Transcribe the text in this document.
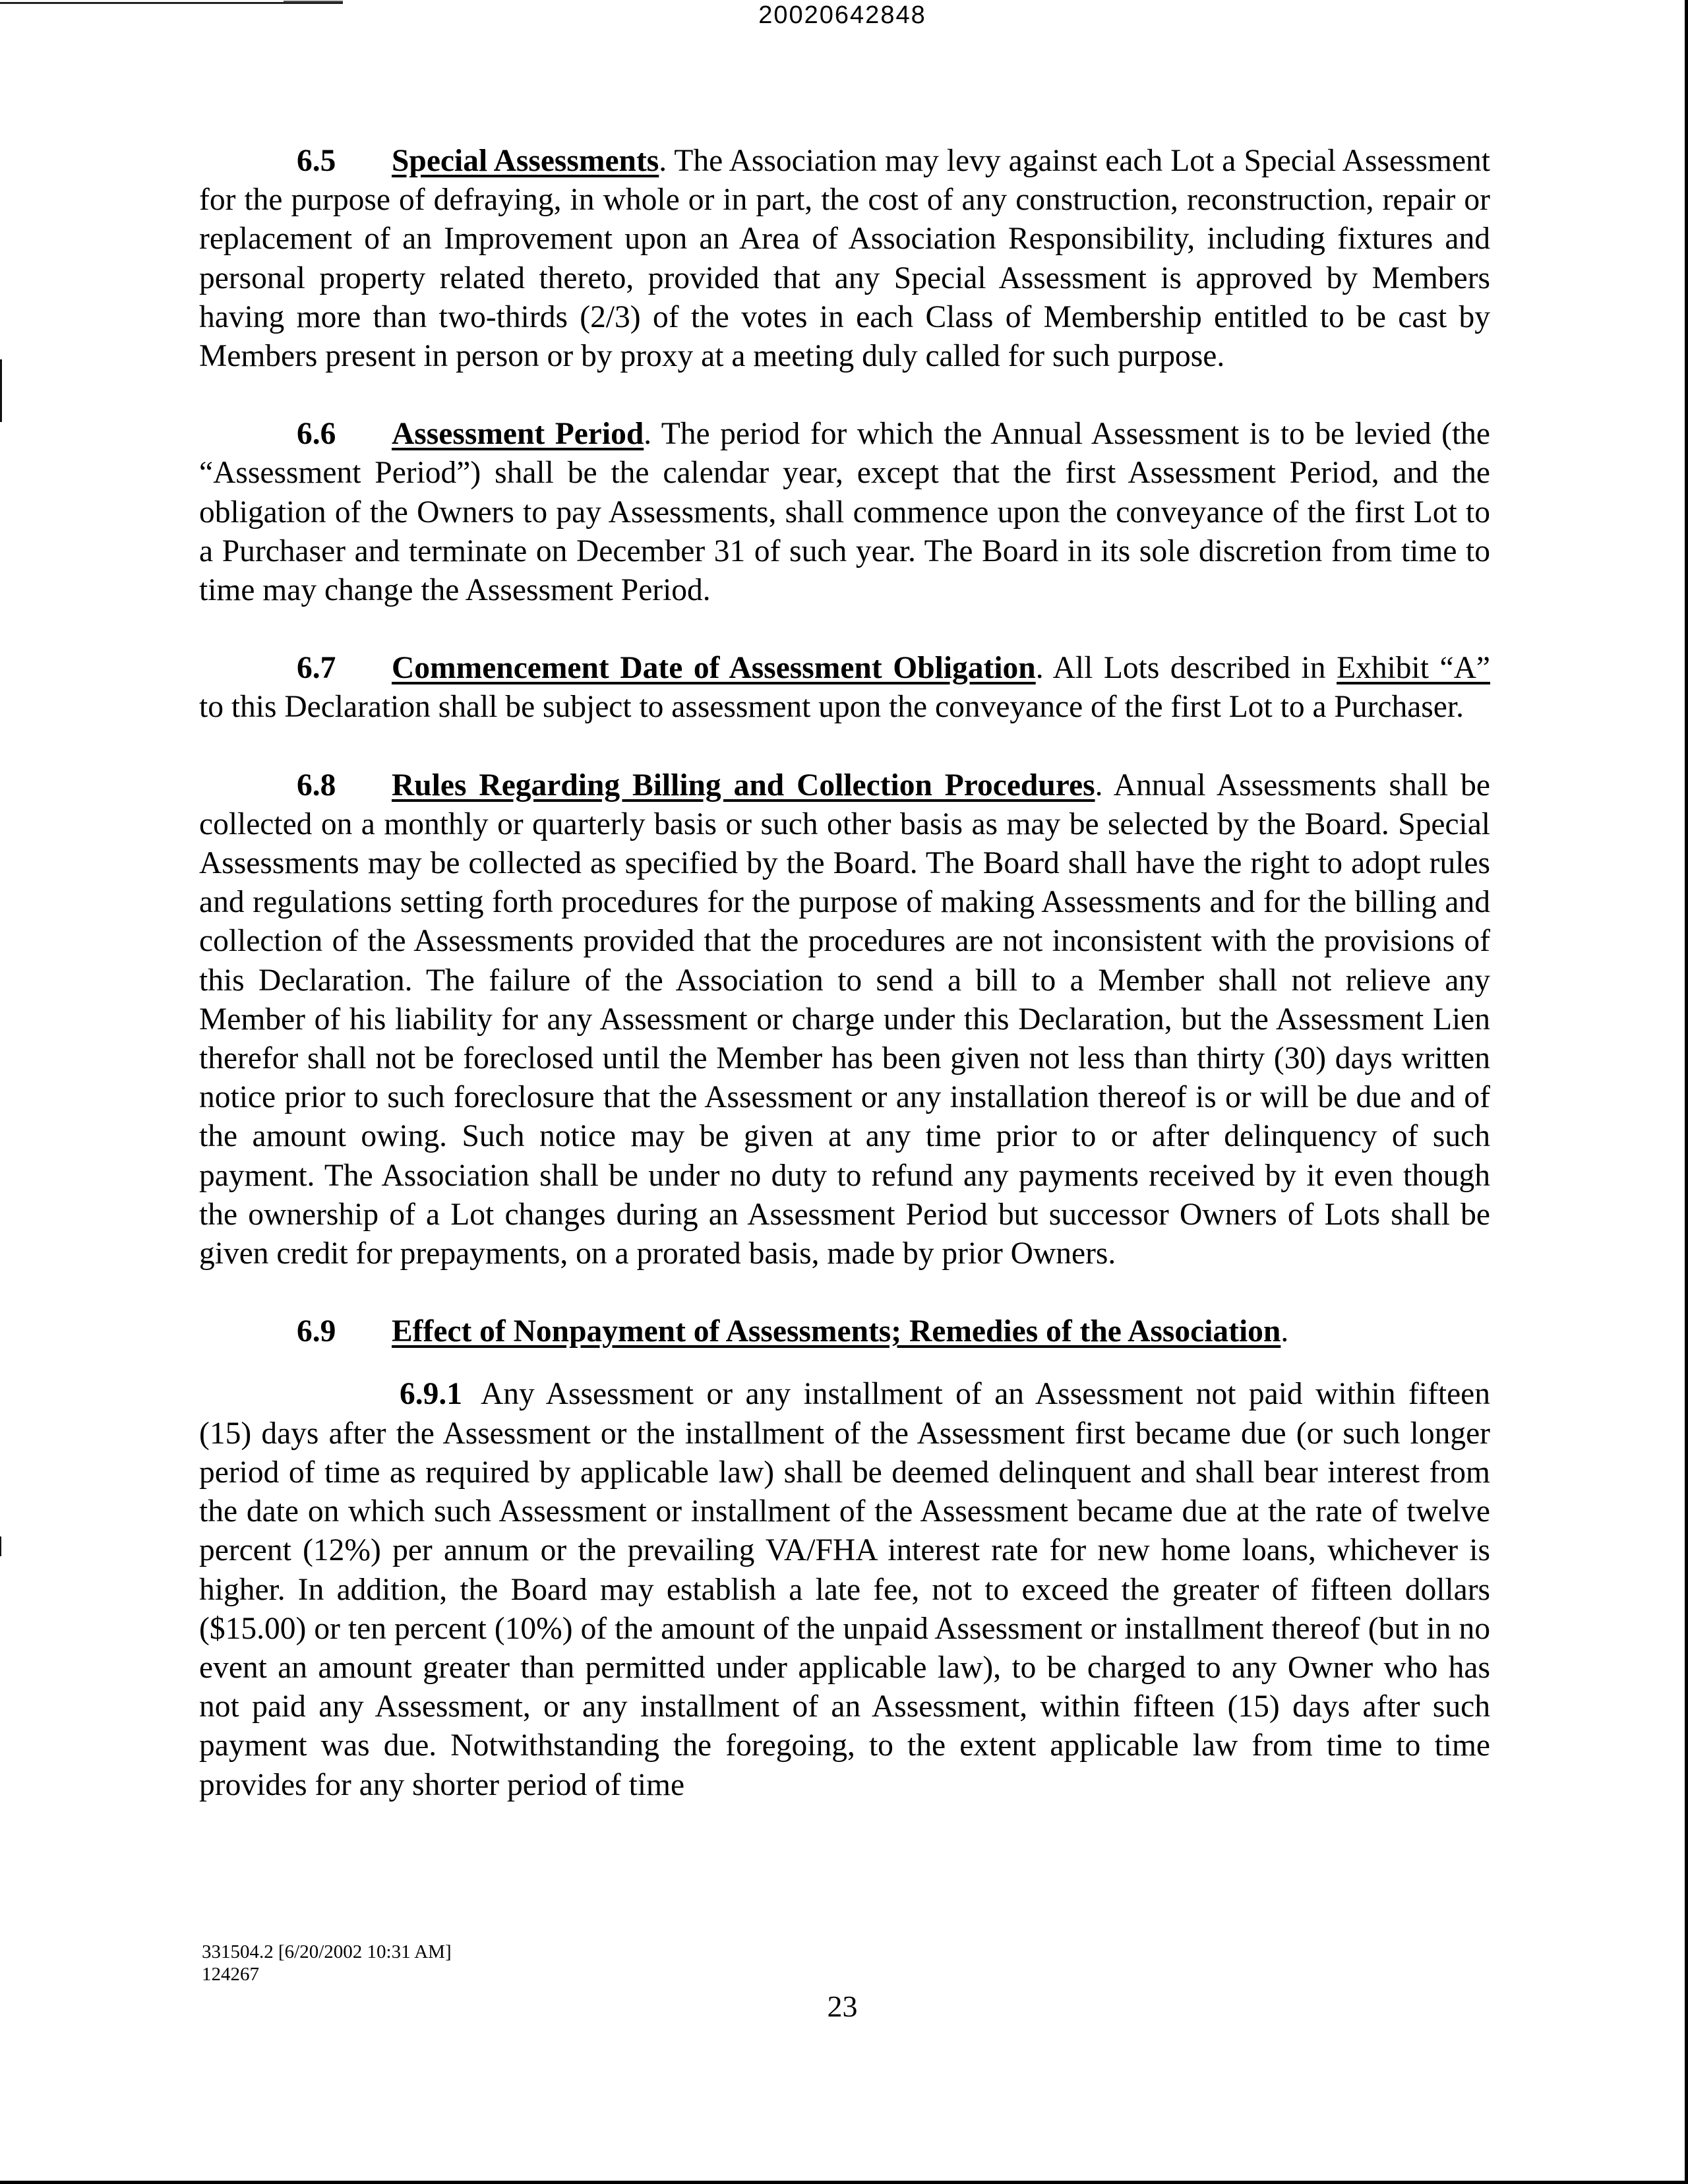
20020642848

6.5 Special Assessments. The Association may levy against each Lot a Special Assessment for the purpose of defraying, in whole or in part, the cost of any construction, reconstruction, repair or replacement of an Improvement upon an Area of Association Responsibility, including fixtures and personal property related thereto, provided that any Special Assessment is approved by Members having more than two-thirds (2/3) of the votes in each Class of Membership entitled to be cast by Members present in person or by proxy at a meeting duly called for such purpose.

6.6 Assessment Period. The period for which the Annual Assessment is to be levied (the “Assessment Period”) shall be the calendar year, except that the first Assessment Period, and the obligation of the Owners to pay Assessments, shall commence upon the conveyance of the first Lot to a Purchaser and terminate on December 31 of such year. The Board in its sole discretion from time to time may change the Assessment Period.

6.7 Commencement Date of Assessment Obligation. All Lots described in Exhibit “A” to this Declaration shall be subject to assessment upon the conveyance of the first Lot to a Purchaser.

6.8 Rules Regarding Billing and Collection Procedures. Annual Assessments shall be collected on a monthly or quarterly basis or such other basis as may be selected by the Board. Special Assessments may be collected as specified by the Board. The Board shall have the right to adopt rules and regulations setting forth procedures for the purpose of making Assessments and for the billing and collection of the Assessments provided that the procedures are not inconsistent with the provisions of this Declaration. The failure of the Association to send a bill to a Member shall not relieve any Member of his liability for any Assessment or charge under this Declaration, but the Assessment Lien therefor shall not be foreclosed until the Member has been given not less than thirty (30) days written notice prior to such foreclosure that the Assessment or any installation thereof is or will be due and of the amount owing. Such notice may be given at any time prior to or after delinquency of such payment. The Association shall be under no duty to refund any payments received by it even though the ownership of a Lot changes during an Assessment Period but successor Owners of Lots shall be given credit for prepayments, on a prorated basis, made by prior Owners.

6.9 Effect of Nonpayment of Assessments; Remedies of the Association.

6.9.1 Any Assessment or any installment of an Assessment not paid within fifteen (15) days after the Assessment or the installment of the Assessment first became due (or such longer period of time as required by applicable law) shall be deemed delinquent and shall bear interest from the date on which such Assessment or installment of the Assessment became due at the rate of twelve percent (12%) per annum or the prevailing VA/FHA interest rate for new home loans, whichever is higher. In addition, the Board may establish a late fee, not to exceed the greater of fifteen dollars ($15.00) or ten percent (10%) of the amount of the unpaid Assessment or installment thereof (but in no event an amount greater than permitted under applicable law), to be charged to any Owner who has not paid any Assessment, or any installment of an Assessment, within fifteen (15) days after such payment was due. Notwithstanding the foregoing, to the extent applicable law from time to time provides for any shorter period of time

331504.2 [6/20/2002 10:31 AM]
124267
23
